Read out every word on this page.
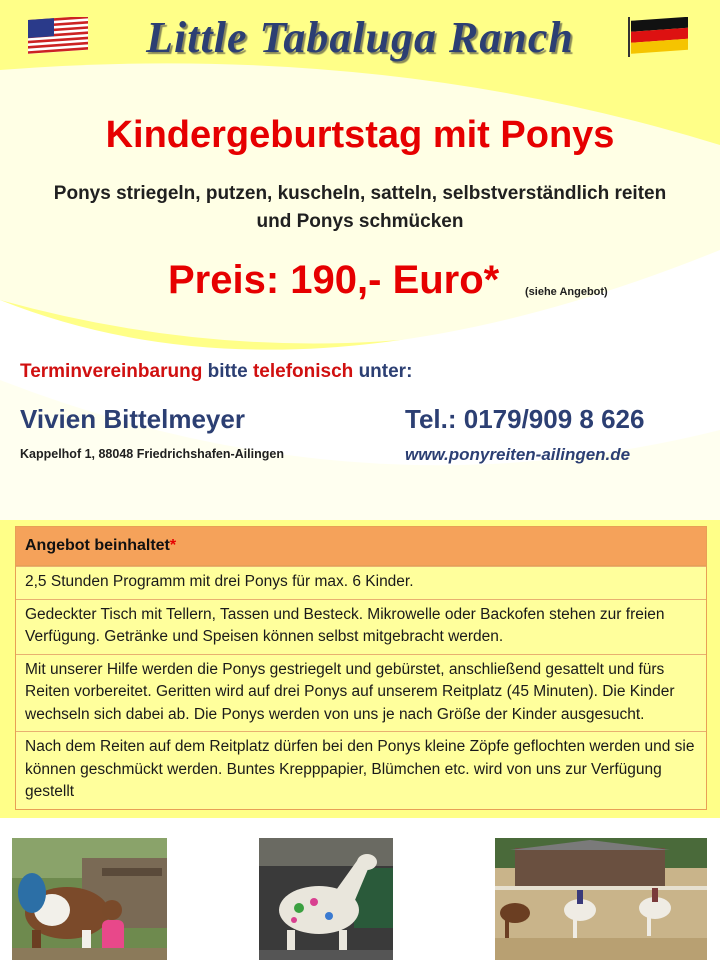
Little Tabaluga Ranch
Kindergeburtstag mit Ponys
Ponys striegeln, putzen, kuscheln, satteln, selbstverständlich reiten und Ponys schmücken
Preis: 190,- Euro* (siehe Angebot)
Terminvereinbarung bitte telefonisch unter:
Vivien Bittelmeyer
Kappelhof 1, 88048 Friedrichshafen-Ailingen
Tel.: 0179/909 8 626
www.ponyreiten-ailingen.de
Angebot beinhaltet*
2,5 Stunden Programm mit drei Ponys für max. 6 Kinder.
Gedeckter Tisch mit Tellern, Tassen und Besteck. Mikrowelle oder Backofen stehen zur freien Verfügung. Getränke und Speisen können selbst mitgebracht werden.
Mit unserer Hilfe werden die Ponys gestriegelt und gebürstet, anschließend gesattelt und fürs Reiten vorbereitet. Geritten wird auf drei Ponys auf unserem Reitplatz (45 Minuten). Die Kinder wechseln sich dabei ab. Die Ponys werden von uns je nach Größe der Kinder ausgesucht.
Nach dem Reiten auf dem Reitplatz dürfen bei den Ponys kleine Zöpfe geflochten werden und sie können geschmückt werden. Buntes Krepppapier, Blümchen etc. wird von uns zur Verfügung gestellt
